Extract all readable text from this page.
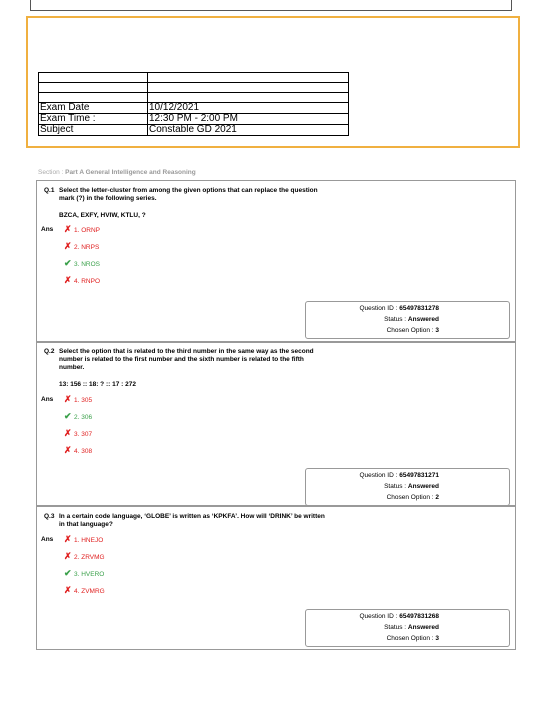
Exam Date	10/12/2021
Exam Time :	12:30 PM - 2:00 PM
Subject	Constable GD 2021
Section : Part A General Intelligence and Reasoning
Q.1 Select the letter-cluster from among the given options that can replace the question
mark (?) in the following series.
BZCA, EXFY, HVIW, KTLU, ?
Ans ✗ 1. ORNP
✗ 2. NRPS
✔ 3. NROS
✗ 4. RNPO
Question ID : 65497831278
Status : Answered
Chosen Option : 3
Q.2 Select the option that is related to the third number in the same way as the second
number is related to the first number and the sixth number is related to the fifth
number.
13: 156 :: 18: ? :: 17 : 272
Ans ✗ 1. 305
✔ 2. 306
✗ 3. 307
✗ 4. 308
Question ID : 65497831271
Status : Answered
Chosen Option : 2
Q.3 In a certain code language, ‘GLOBE’ is written as ‘KPKFA’. How will ‘DRINK’ be written
in that language?
Ans ✗ 1. HNEJO
✗ 2. ZRVMG
✔ 3. HVERO
✗ 4. ZVMRG
Question ID : 65497831268
Status : Answered
Chosen Option : 3
